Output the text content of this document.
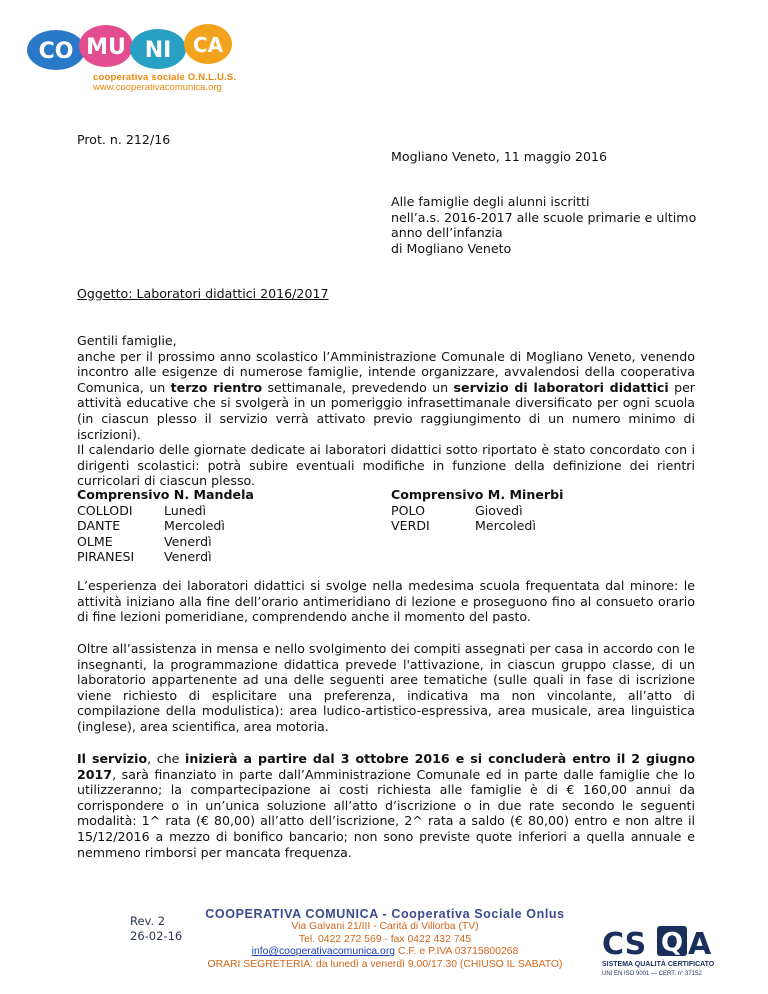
CO MU NI CA
cooperativa sociale O.N.L.U.S.
www.cooperativacomunica.org
Prot. n. 212/16
Mogliano Veneto, 11 maggio 2016
Alle famiglie degli alunni iscritti
nell’a.s. 2016-2017 alle scuole primarie e ultimo
anno dell’infanzia
di Mogliano Veneto
Oggetto: Laboratori didattici 2016/2017
Gentili famiglie,
anche per il prossimo anno scolastico l’Amministrazione Comunale di Mogliano Veneto, venendo incontro alle esigenze di numerose famiglie, intende organizzare, avvalendosi della cooperativa Comunica, un terzo rientro settimanale, prevedendo un servizio di laboratori didattici per attività educative che si svolgerà in un pomeriggio infrasettimanale diversificato per ogni scuola (in ciascun plesso il servizio verrà attivato previo raggiungimento di un numero minimo di iscrizioni).
Il calendario delle giornate dedicate ai laboratori didattici sotto riportato è stato concordato con i dirigenti scolastici: potrà subire eventuali modifiche in funzione della definizione dei rientri curricolari di ciascun plesso.
Comprensivo N. Mandela
COLLODI Lunedì
DANTE	Mercoledì
OLME	Venerdì
PIRANESI Venerdì
Comprensivo M. Minerbi
POLO	Giovedì
VERDI	Mercoledì
L’esperienza dei laboratori didattici si svolge nella medesima scuola frequentata dal minore: le attività iniziano alla fine dell’orario antimeridiano di lezione e proseguono fino al consueto orario di fine lezioni pomeridiane, comprendendo anche il momento del pasto.
Oltre all’assistenza in mensa e nello svolgimento dei compiti assegnati per casa in accordo con le insegnanti, la programmazione didattica prevede l'attivazione, in ciascun gruppo classe, di un laboratorio appartenente ad una delle seguenti aree tematiche (sulle quali in fase di iscrizione viene richiesto di esplicitare una preferenza, indicativa ma non vincolante, all’atto di compilazione della modulistica): area ludico-artistico-espressiva, area musicale, area linguistica (inglese), area scientifica, area motoria.
Il servizio, che inizierà a partire dal 3 ottobre 2016 e si concluderà entro il 2 giugno 2017, sarà finanziato in parte dall’Amministrazione Comunale ed in parte dalle famiglie che lo utilizzeranno; la compartecipazione ai costi richiesta alle famiglie è di € 160,00 annui da corrispondere o in un’unica soluzione all’atto d’iscrizione o in due rate secondo le seguenti modalità: 1^ rata (€ 80,00) all’atto dell’iscrizione, 2^ rata a saldo (€ 80,00) entro e non altre il 15/12/2016 a mezzo di bonifico bancario; non sono previste quote inferiori a quella annuale e nemmeno rimborsi per mancata frequenza.
Rev. 2
26-02-16
COOPERATIVA COMUNICA - Cooperativa Sociale Onlus
Via Galvani 21/III - Carità di Villorba (TV)
Tel. 0422 272 569 - fax 0422 432 745
info@cooperativacomunica.org C.F. e P.IVA 03715800268
ORARI SEGRETERIA: da lunedì a venerdì 9.00/17.30 (CHIUSO IL SABATO)
CS Q A
SISTEMA QUALITÀ CERTIFICATO
UNI EN ISO 9001 — CERT. n° 37152
